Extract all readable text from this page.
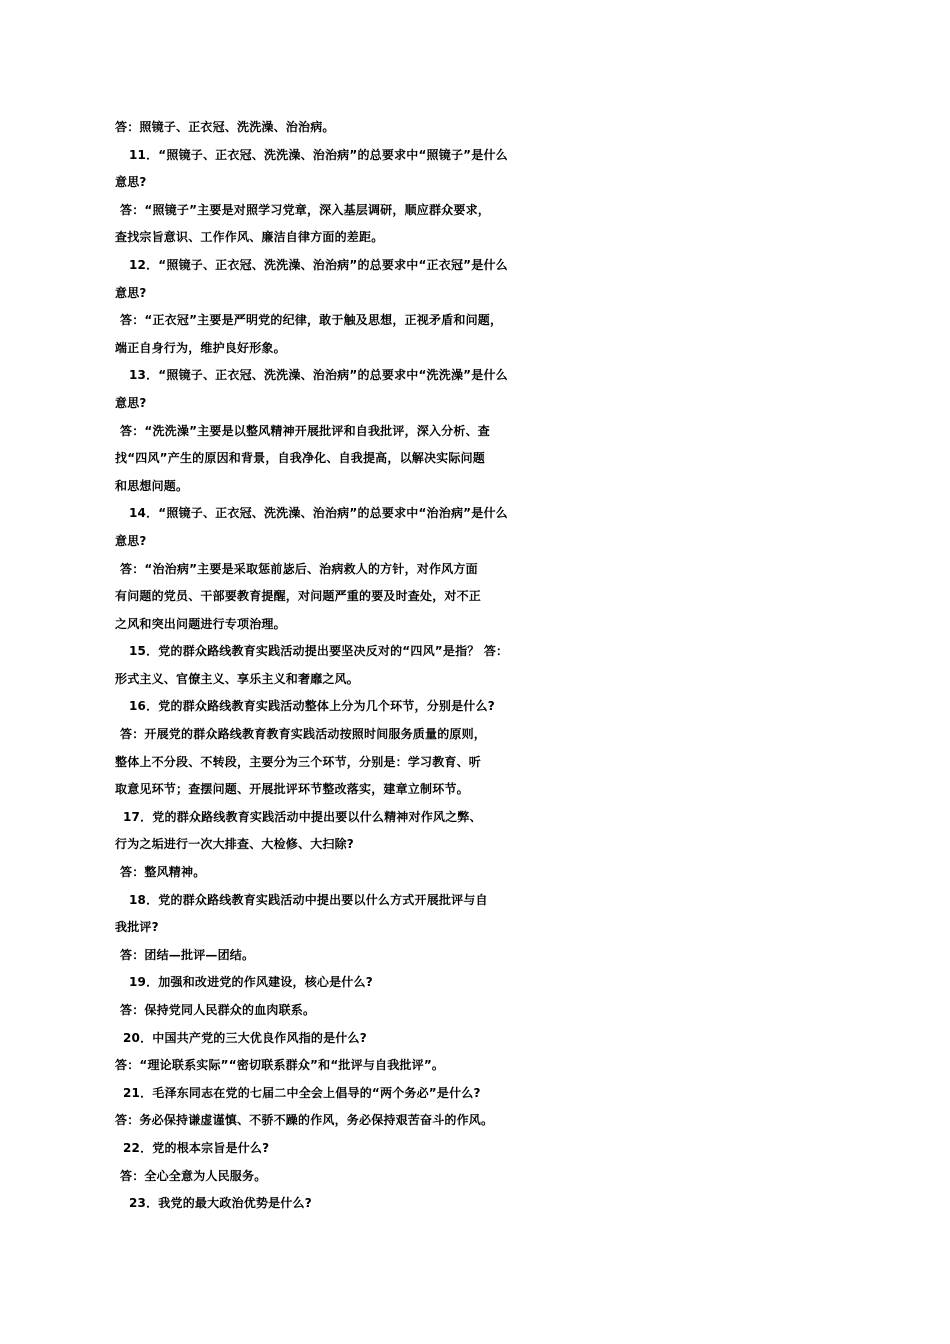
答：照镜子、正衣冠、洗洗澡、治治病。
11．“照镜子、正衣冠、洗洗澡、治治病”的总要求中“照镜子”是什么
意思?
答：“照镜子”主要是对照学习党章，深入基层调研，顺应群众要求，
查找宗旨意识、工作作风、廉洁自律方面的差距。
12．“照镜子、正衣冠、洗洗澡、治治病”的总要求中“正衣冠”是什么
意思?
答：“正衣冠”主要是严明党的纪律，敢于触及思想，正视矛盾和问题，
端正自身行为，维护良好形象。
13．“照镜子、正衣冠、洗洗澡、治治病”的总要求中“洗洗澡”是什么
意思?
答：“洗洗澡”主要是以整风精神开展批评和自我批评，深入分析、查
找“四风”产生的原因和背景，自我净化、自我提高，以解决实际问题
和思想问题。
14．“照镜子、正衣冠、洗洗澡、治治病”的总要求中“治治病”是什么
意思?
答：“治治病”主要是采取惩前毖后、治病救人的方针，对作风方面
有问题的党员、干部要教育提醒，对问题严重的要及时查处，对不正
之风和突出问题进行专项治理。
15．党的群众路线教育实践活动提出要坚决反对的“四风”是指？ 答：
形式主义、官僚主义、享乐主义和奢靡之风。
16．党的群众路线教育实践活动整体上分为几个环节，分别是什么?
答：开展党的群众路线教育教育实践活动按照时间服务质量的原则，
整体上不分段、不转段，主要分为三个环节，分别是：学习教育、听
取意见环节；查摆问题、开展批评环节整改落实，建章立制环节。
17．党的群众路线教育实践活动中提出要以什么精神对作风之弊、
行为之垢进行一次大排查、大检修、大扫除?
答：整风精神。
18．党的群众路线教育实践活动中提出要以什么方式开展批评与自
我批评?
答：团结—批评—团结。
19．加强和改进党的作风建设，核心是什么?
答：保持党同人民群众的血肉联系。
20．中国共产党的三大优良作风指的是什么?
答：“理论联系实际”“密切联系群众”和“批评与自我批评”。
21．毛泽东同志在党的七届二中全会上倡导的“两个务必”是什么?
答：务必保持谦虚谨慎、不骄不躁的作风，务必保持艰苦奋斗的作风。
22．党的根本宗旨是什么?
答：全心全意为人民服务。
23．我党的最大政治优势是什么?
